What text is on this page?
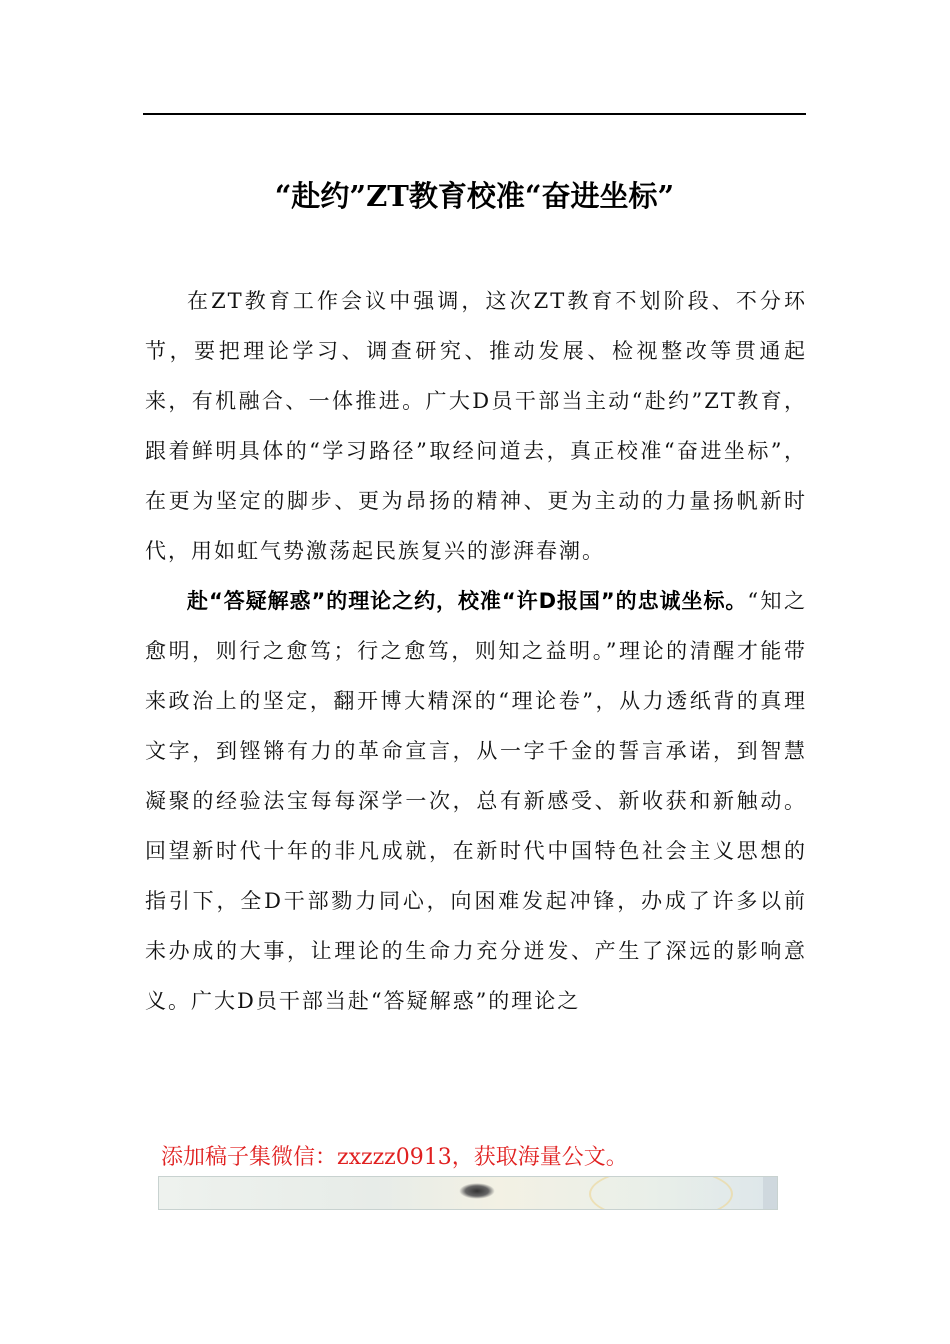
“赴约”ZT教育校准“奋进坐标”

在ZT教育工作会议中强调，这次ZT教育不划阶段、不分环节，要把理论学习、调查研究、推动发展、检视整改等贯通起来，有机融合、一体推进。广大D员干部当主动“赴约”ZT教育，跟着鲜明具体的“学习路径”取经问道去，真正校准“奋进坐标”，在更为坚定的脚步、更为昂扬的精神、更为主动的力量扬帆新时代，用如虹气势激荡起民族复兴的澎湃春潮。

赴“答疑解惑”的理论之约，校准“许D报国”的忠诚坐标。“知之愈明，则行之愈笃；行之愈笃，则知之益明。”理论的清醒才能带来政治上的坚定，翻开博大精深的“理论卷”，从力透纸背的真理文字，到铿锵有力的革命宣言，从一字千金的誓言承诺，到智慧凝聚的经验法宝每每深学一次，总有新感受、新收获和新触动。回望新时代十年的非凡成就，在新时代中国特色社会主义思想的指引下，全D干部勠力同心，向困难发起冲锋，办成了许多以前未办成的大事，让理论的生命力充分迸发、产生了深远的影响意义。广大D员干部当赴“答疑解惑”的理论之

添加稿子集微信：zxzzz0913，获取海量公文。
